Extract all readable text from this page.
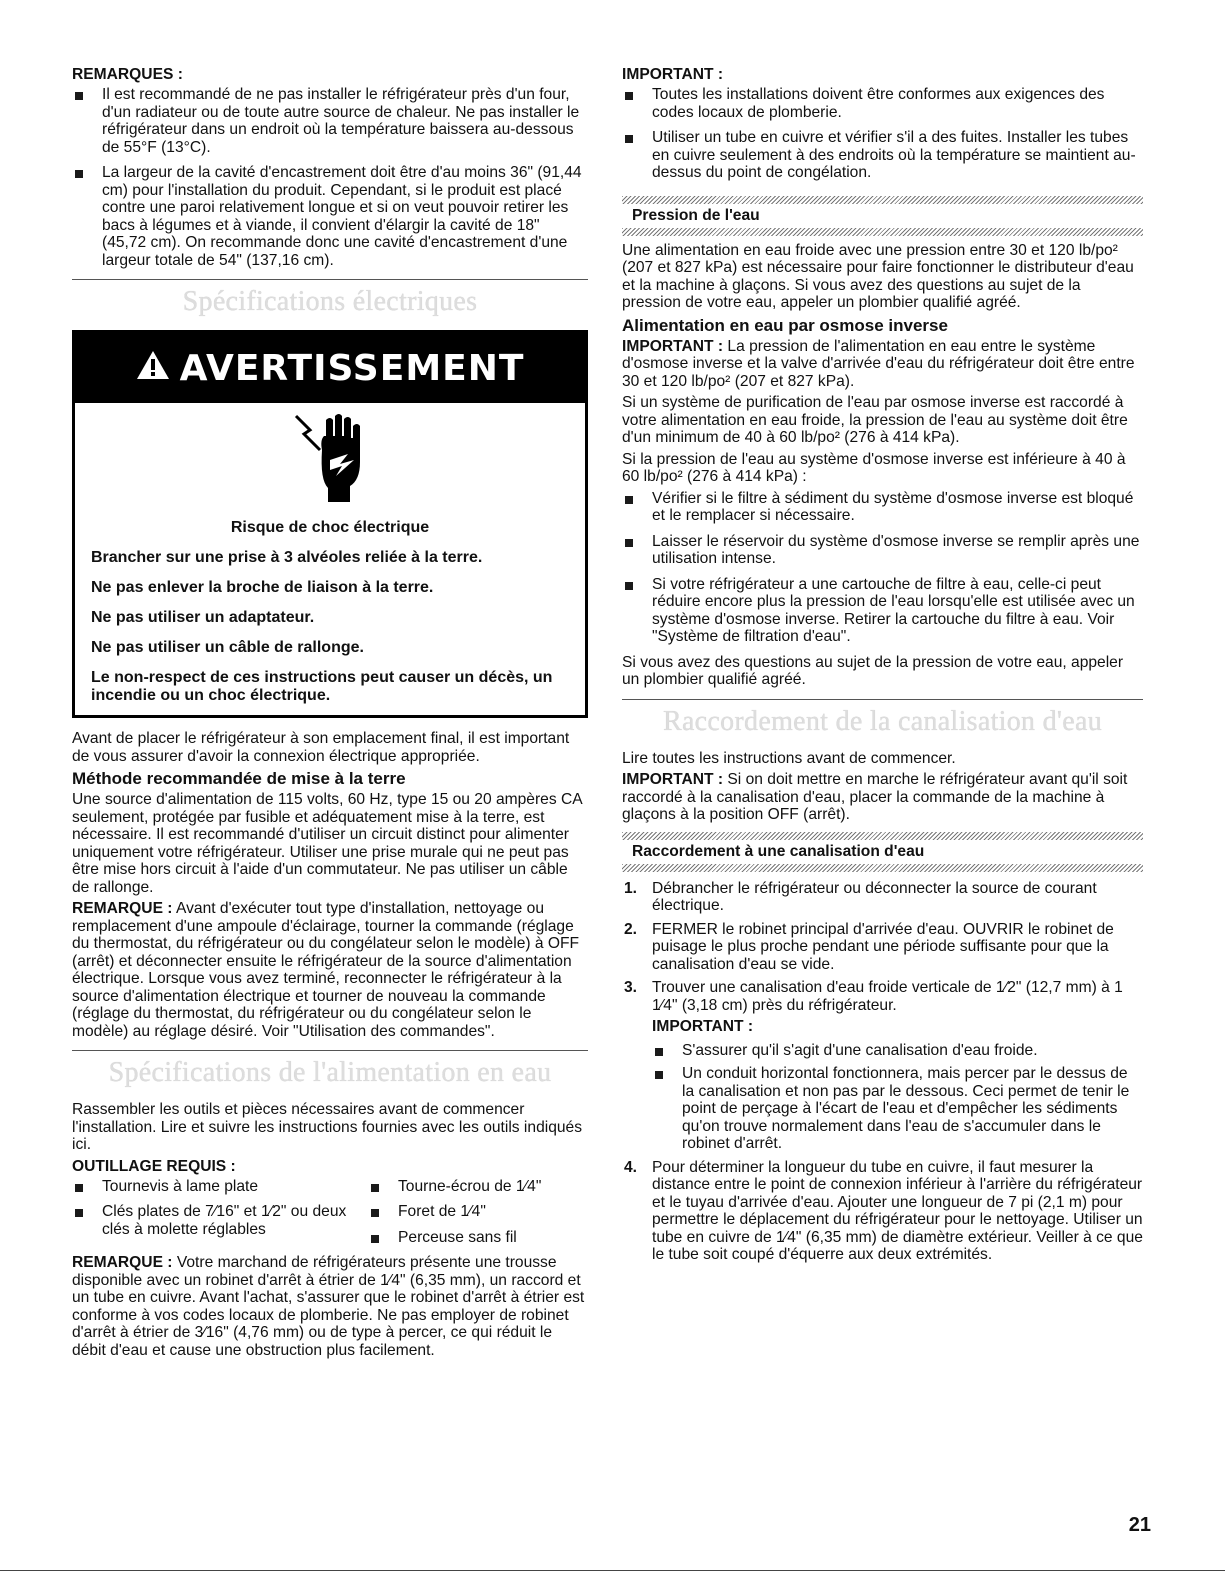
REMARQUES :
Il est recommandé de ne pas installer le réfrigérateur près d'un four, d'un radiateur ou de toute autre source de chaleur. Ne pas installer le réfrigérateur dans un endroit où la température baissera au-dessous de 55°F (13°C).
La largeur de la cavité d'encastrement doit être d'au moins 36" (91,44 cm) pour l'installation du produit. Cependant, si le produit est placé contre une paroi relativement longue et si on veut pouvoir retirer les bacs à légumes et à viande, il convient d'élargir la cavité de 18" (45,72 cm). On recommande donc une cavité d'encastrement d'une largeur totale de 54" (137,16 cm).
Spécifications électriques
AVERTISSEMENT
Risque de choc électrique
Brancher sur une prise à 3 alvéoles reliée à la terre.
Ne pas enlever la broche de liaison à la terre.
Ne pas utiliser un adaptateur.
Ne pas utiliser un câble de rallonge.
Le non-respect de ces instructions peut causer un décès, un incendie ou un choc électrique.

Avant de placer le réfrigérateur à son emplacement final, il est important de vous assurer d'avoir la connexion électrique appropriée.

Méthode recommandée de mise à la terre

Une source d'alimentation de 115 volts, 60 Hz, type 15 ou 20 ampères CA seulement, protégée par fusible et adéquatement mise à la terre, est nécessaire. Il est recommandé d'utiliser un circuit distinct pour alimenter uniquement votre réfrigérateur. Utiliser une prise murale qui ne peut pas être mise hors circuit à l'aide d'un commutateur. Ne pas utiliser un câble de rallonge.

REMARQUE : Avant d'exécuter tout type d'installation, nettoyage ou remplacement d'une ampoule d'éclairage, tourner la commande (réglage du thermostat, du réfrigérateur ou du congélateur selon le modèle) à OFF (arrêt) et déconnecter ensuite le réfrigérateur de la source d'alimentation électrique. Lorsque vous avez terminé, reconnecter le réfrigérateur à la source d'alimentation électrique et tourner de nouveau la commande (réglage du thermostat, du réfrigérateur ou du congélateur selon le modèle) au réglage désiré. Voir "Utilisation des commandes".

Spécifications de l'alimentation en eau

Rassembler les outils et pièces nécessaires avant de commencer l'installation. Lire et suivre les instructions fournies avec les outils indiqués ici.

OUTILLAGE REQUIS :
Tournevis à lame plate
Clés plates de 7⁄16" et 1⁄2" ou deux clés à molette réglables
Tourne-écrou de 1⁄4"
Foret de 1⁄4"
Perceuse sans fil

REMARQUE : Votre marchand de réfrigérateurs présente une trousse disponible avec un robinet d'arrêt à étrier de 1⁄4" (6,35 mm), un raccord et un tube en cuivre. Avant l'achat, s'assurer que le robinet d'arrêt à étrier est conforme à vos codes locaux de plomberie. Ne pas employer de robinet d'arrêt à étrier de 3⁄16" (4,76 mm) ou de type à percer, ce qui réduit le débit d'eau et cause une obstruction plus facilement.

IMPORTANT :
Toutes les installations doivent être conformes aux exigences des codes locaux de plomberie.
Utiliser un tube en cuivre et vérifier s'il a des fuites. Installer les tubes en cuivre seulement à des endroits où la température se maintient au-dessus du point de congélation.
Pression de l'eau

Une alimentation en eau froide avec une pression entre 30 et 120 lb/po² (207 et 827 kPa) est nécessaire pour faire fonctionner le distributeur d'eau et la machine à glaçons. Si vous avez des questions au sujet de la pression de votre eau, appeler un plombier qualifié agréé.

Alimentation en eau par osmose inverse

IMPORTANT : La pression de l'alimentation en eau entre le système d'osmose inverse et la valve d'arrivée d'eau du réfrigérateur doit être entre 30 et 120 lb/po² (207 et 827 kPa).

Si un système de purification de l'eau par osmose inverse est raccordé à votre alimentation en eau froide, la pression de l'eau au système doit être d'un minimum de 40 à 60 lb/po² (276 à 414 kPa).

Si la pression de l'eau au système d'osmose inverse est inférieure à 40 à 60 lb/po² (276 à 414 kPa) :

Vérifier si le filtre à sédiment du système d'osmose inverse est bloqué et le remplacer si nécessaire.
Laisser le réservoir du système d'osmose inverse se remplir après une utilisation intense.
Si votre réfrigérateur a une cartouche de filtre à eau, celle-ci peut réduire encore plus la pression de l'eau lorsqu'elle est utilisée avec un système d'osmose inverse. Retirer la cartouche du filtre à eau. Voir "Système de filtration d'eau".

Si vous avez des questions au sujet de la pression de votre eau, appeler un plombier qualifié agréé.

Raccordement de la canalisation d'eau

Lire toutes les instructions avant de commencer.

IMPORTANT : Si on doit mettre en marche le réfrigérateur avant qu'il soit raccordé à la canalisation d'eau, placer la commande de la machine à glaçons à la position OFF (arrêt).

Raccordement à une canalisation d'eau
1. Débrancher le réfrigérateur ou déconnecter la source de courant électrique.
2. FERMER le robinet principal d'arrivée d'eau. OUVRIR le robinet de puisage le plus proche pendant une période suffisante pour que la canalisation d'eau se vide.
3. Trouver une canalisation d'eau froide verticale de 1⁄2" (12,7 mm) à 1 1⁄4" (3,18 cm) près du réfrigérateur.
IMPORTANT :
S'assurer qu'il s'agit d'une canalisation d'eau froide.
Un conduit horizontal fonctionnera, mais percer par le dessus de la canalisation et non pas par le dessous. Ceci permet de tenir le point de perçage à l'écart de l'eau et d'empêcher les sédiments qu'on trouve normalement dans l'eau de s'accumuler dans le robinet d'arrêt.
4. Pour déterminer la longueur du tube en cuivre, il faut mesurer la distance entre le point de connexion inférieur à l'arrière du réfrigérateur et le tuyau d'arrivée d'eau. Ajouter une longueur de 7 pi (2,1 m) pour permettre le déplacement du réfrigérateur pour le nettoyage. Utiliser un tube en cuivre de 1⁄4" (6,35 mm) de diamètre extérieur. Veiller à ce que le tube soit coupé d'équerre aux deux extrémités.
21
